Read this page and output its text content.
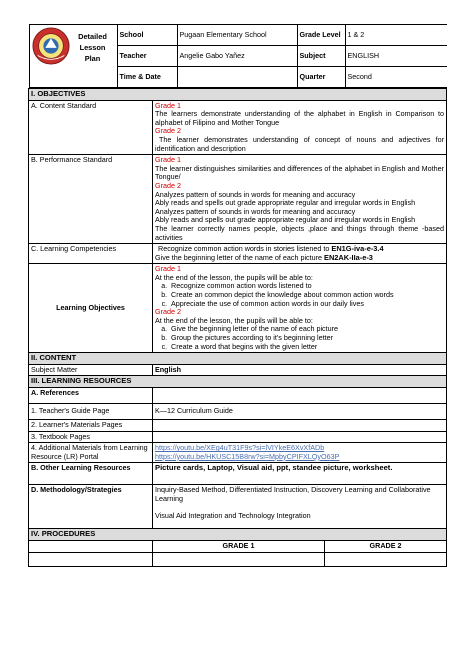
Detailed
Lesson
Plan
	School	Pugaan Elementary School	Grade Level	1 & 2
Teacher	Angelie Gabo Yañez	Subject	ENGLISH
Time & Date		Quarter	Second

I. OBJECTIVES
A. Content Standard	Grade 1
The learners demonstrate understanding of the alphabet in English in Comparison to alphabet of Filipino and Mother Tongue
Grade 2
The learner demonstrates understanding of concept of nouns and adjectives for identification and description

B. Performance Standard	Grade 1
The learner distinguishes similarities and differences of the alphabet in English and Mother Tongue/
Grade 2
Analyzes pattern of sounds in words for meaning and accuracy
Ably reads and spells out grade appropriate regular and irregular words in English
Analyzes pattern of sounds in words for meaning and accuracy
Ably reads and spells out grade appropriate regular and irregular words in English
The learner correctly names people, objects ,place and things through theme -based activities

C. Learning Competencies	Recognize common action words in stories listened to EN1G-iva-e-3.4
Give the beginning letter of the name of each picture EN2AK-IIa-e-3

Learning Objectives	
Grade 1
At the end of the lesson, the pupils will be able to:
a. Recognize common action words listened to
b. Create an common depict the knowledge about common action words
c. Appreciate the use of common action words in our daily lives
Grade 2
At the end of the lesson, the pupils will be able to:
a. Give the beginning letter of the name of each picture
b. Group the pictures according to it's beginning letter
c. Create a word that begins with the given letter

II. CONTENT
Subject Matter	English
III. LEARNING RESOURCES
A. References	
1. Teacher's Guide Page	K—12 Curriculum Guide
2. Learner's Materials Pages	
3. Textbook Pages	
4. Additional Materials from Learning Resource (LR) Portal	
https://youtu.be/XEg4uT31F9s?si=lVIYkeE6XvXfADb
https://youtu.be/HKUSC15B8rw?si=MpbyCPIFXLQyO63P

B. Other Learning Resources	Picture cards, Laptop, Visual aid, ppt, standee picture, worksheet.
D. Methodology/Strategies	Inquiry-Based Method, Differentiated Instruction, Discovery Learning and Collaborative Learning
Visual Aid Integration and Technology Integration

IV. PROCEDURES
	GRADE 1	GRADE 2
